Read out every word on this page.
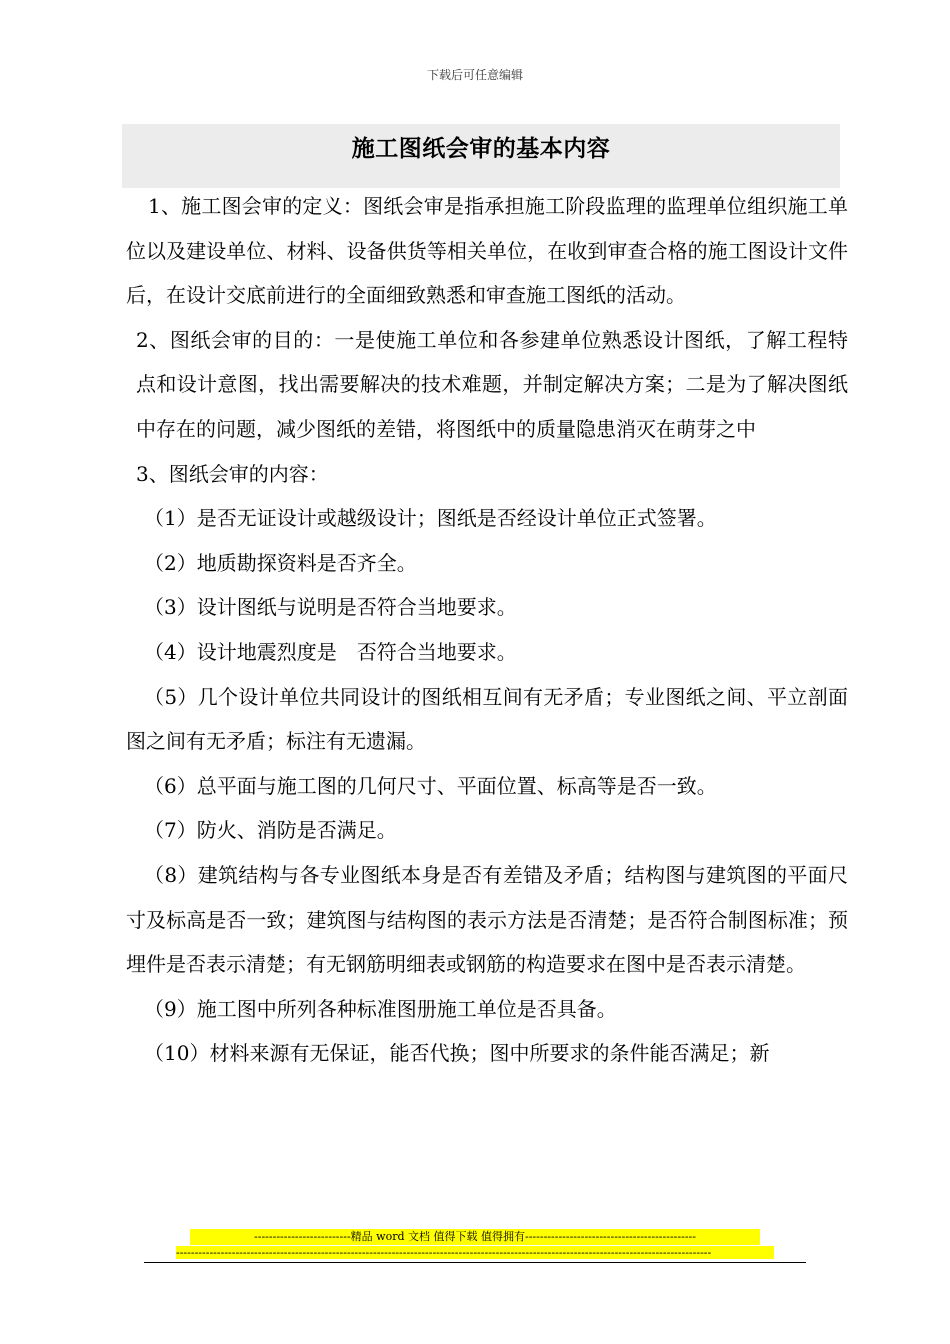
下载后可任意编辑
施工图纸会审的基本内容

1、施工图会审的定义：图纸会审是指承担施工阶段监理的监理单位组织施工单位以及建设单位、材料、设备供货等相关单位，在收到审查合格的施工图设计文件后，在设计交底前进行的全面细致熟悉和审查施工图纸的活动。

2、图纸会审的目的：一是使施工单位和各参建单位熟悉设计图纸，了解工程特点和设计意图，找出需要解决的技术难题，并制定解决方案；二是为了解决图纸中存在的问题，减少图纸的差错，将图纸中的质量隐患消灭在萌芽之中

3、图纸会审的内容：

（1）是否无证设计或越级设计；图纸是否经设计单位正式签署。

（2）地质勘探资料是否齐全。

（3）设计图纸与说明是否符合当地要求。

（4）设计地震烈度是　否符合当地要求。

（5）几个设计单位共同设计的图纸相互间有无矛盾；专业图纸之间、平立剖面图之间有无矛盾；标注有无遗漏。

（6）总平面与施工图的几何尺寸、平面位置、标高等是否一致。

（7）防火、消防是否满足。

（8）建筑结构与各专业图纸本身是否有差错及矛盾；结构图与建筑图的平面尺寸及标高是否一致；建筑图与结构图的表示方法是否清楚；是否符合制图标准；预埋件是否表示清楚；有无钢筋明细表或钢筋的构造要求在图中是否表示清楚。

（9）施工图中所列各种标准图册施工单位是否具备。

（10）材料来源有无保证，能否代换；图中所要求的条件能否满足；新

--------------------------精品 word 文档 值得下载 值得拥有----------------------------------------------
------------------------------------------------------------------------------------------------------------------------------------------------
